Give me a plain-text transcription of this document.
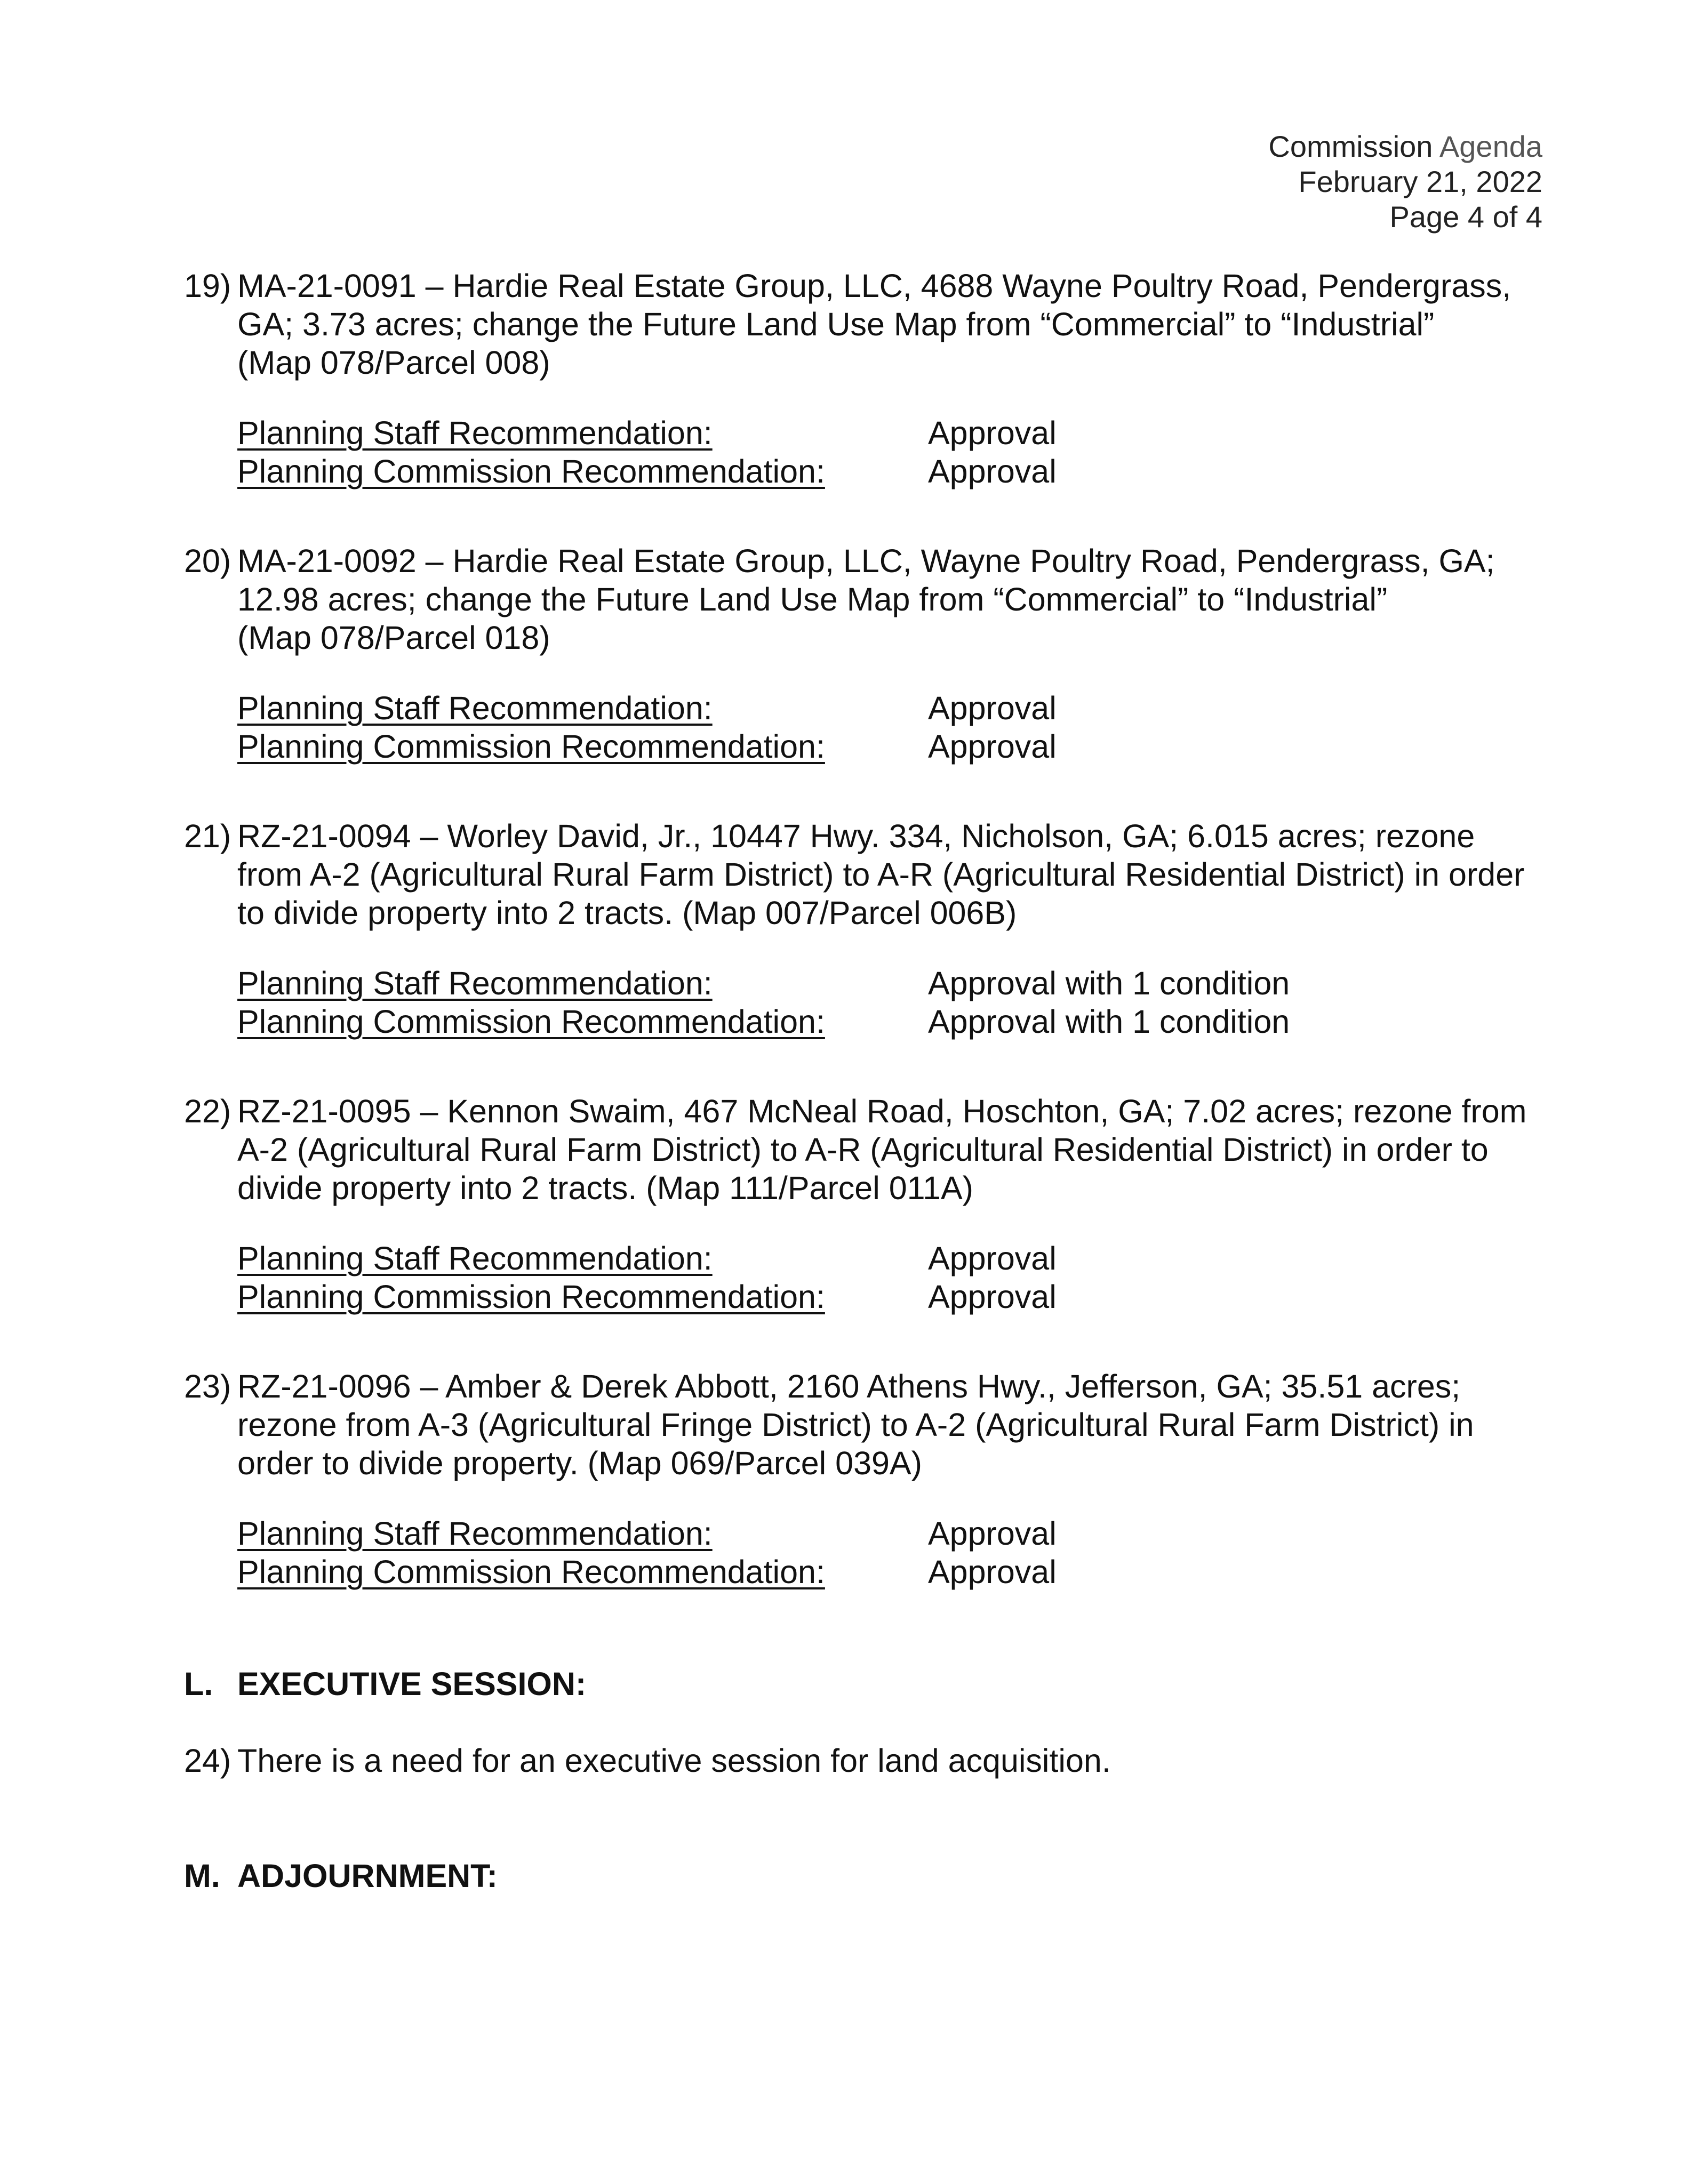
Commission Agenda
February 21, 2022
Page 4 of 4
19) MA-21-0091 – Hardie Real Estate Group, LLC, 4688 Wayne Poultry Road, Pendergrass,
GA; 3.73 acres; change the Future Land Use Map from “Commercial” to “Industrial”
(Map 078/Parcel 008)
Planning Staff Recommendation:	Approval
Planning Commission Recommendation:	Approval
20) MA-21-0092 – Hardie Real Estate Group, LLC, Wayne Poultry Road, Pendergrass, GA;
12.98 acres; change the Future Land Use Map from “Commercial” to “Industrial”
(Map 078/Parcel 018)
Planning Staff Recommendation:	Approval
Planning Commission Recommendation:	Approval
21) RZ-21-0094 – Worley David, Jr., 10447 Hwy. 334, Nicholson, GA; 6.015 acres; rezone
from A-2 (Agricultural Rural Farm District) to A-R (Agricultural Residential District) in order
to divide property into 2 tracts. (Map 007/Parcel 006B)
Planning Staff Recommendation:	Approval with 1 condition
Planning Commission Recommendation:	Approval with 1 condition
22) RZ-21-0095 – Kennon Swaim, 467 McNeal Road, Hoschton, GA; 7.02 acres; rezone from
A-2 (Agricultural Rural Farm District) to A-R (Agricultural Residential District) in order to
divide property into 2 tracts. (Map 111/Parcel 011A)
Planning Staff Recommendation:	Approval
Planning Commission Recommendation:	Approval
23) RZ-21-0096 – Amber & Derek Abbott, 2160 Athens Hwy., Jefferson, GA; 35.51 acres;
rezone from A-3 (Agricultural Fringe District) to A-2 (Agricultural Rural Farm District) in
order to divide property. (Map 069/Parcel 039A)
Planning Staff Recommendation:	Approval
Planning Commission Recommendation:	Approval
L. EXECUTIVE SESSION:
24) There is a need for an executive session for land acquisition.
M. ADJOURNMENT:
